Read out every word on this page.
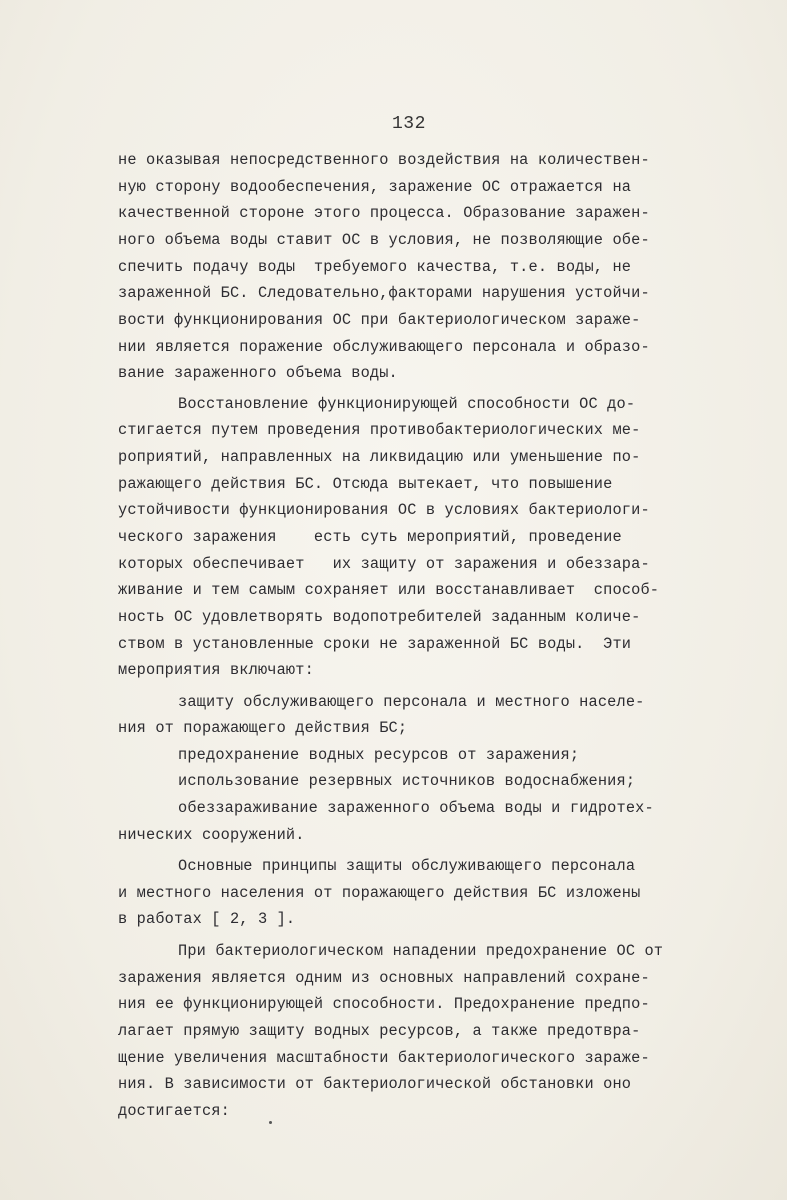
132
не оказывая непосредственного воздействия на количествен-
ную сторону водообеспечения, заражение ОС отражается на
качественной стороне этого процесса. Образование заражен-
ного объема воды ставит ОС в условия, не позволяющие обе-
спечить подачу воды  требуемого качества, т.е. воды, не
зараженной БС. Следовательно,факторами нарушения устойчи-
вости функционирования ОС при бактериологическом зараже-
нии является поражение обслуживающего персонала и образо-
вание зараженного объема воды.
Восстановление функционирующей способности ОС до-
стигается путем проведения противобактериологических ме-
роприятий, направленных на ликвидацию или уменьшение по-
ражающего действия БС. Отсюда вытекает, что повышение
устойчивости функционирования ОС в условиях бактериологи-
ческого заражения    есть суть мероприятий, проведение
которых обеспечивает   их защиту от заражения и обеззара-
живание и тем самым сохраняет или восстанавливает  способ-
ность ОС удовлетворять водопотребителей заданным количе-
ством в установленные сроки не зараженной БС воды.  Эти
мероприятия включают:
защиту обслуживающего персонала и местного населе-
ния от поражающего действия БС;
предохранение водных ресурсов от заражения;
использование резервных источников водоснабжения;
обеззараживание зараженного объема воды и гидротех-
нических сооружений.
Основные принципы защиты обслуживающего персонала
и местного населения от поражающего действия БС изложены
в работах [ 2, 3 ].
При бактериологическом нападении предохранение ОС от
заражения является одним из основных направлений сохране-
ния ее функционирующей способности. Предохранение предпо-
лагает прямую защиту водных ресурсов, а также предотвра-
щение увеличения масштабности бактериологического зараже-
ния. В зависимости от бактериологической обстановки оно
достигается:
